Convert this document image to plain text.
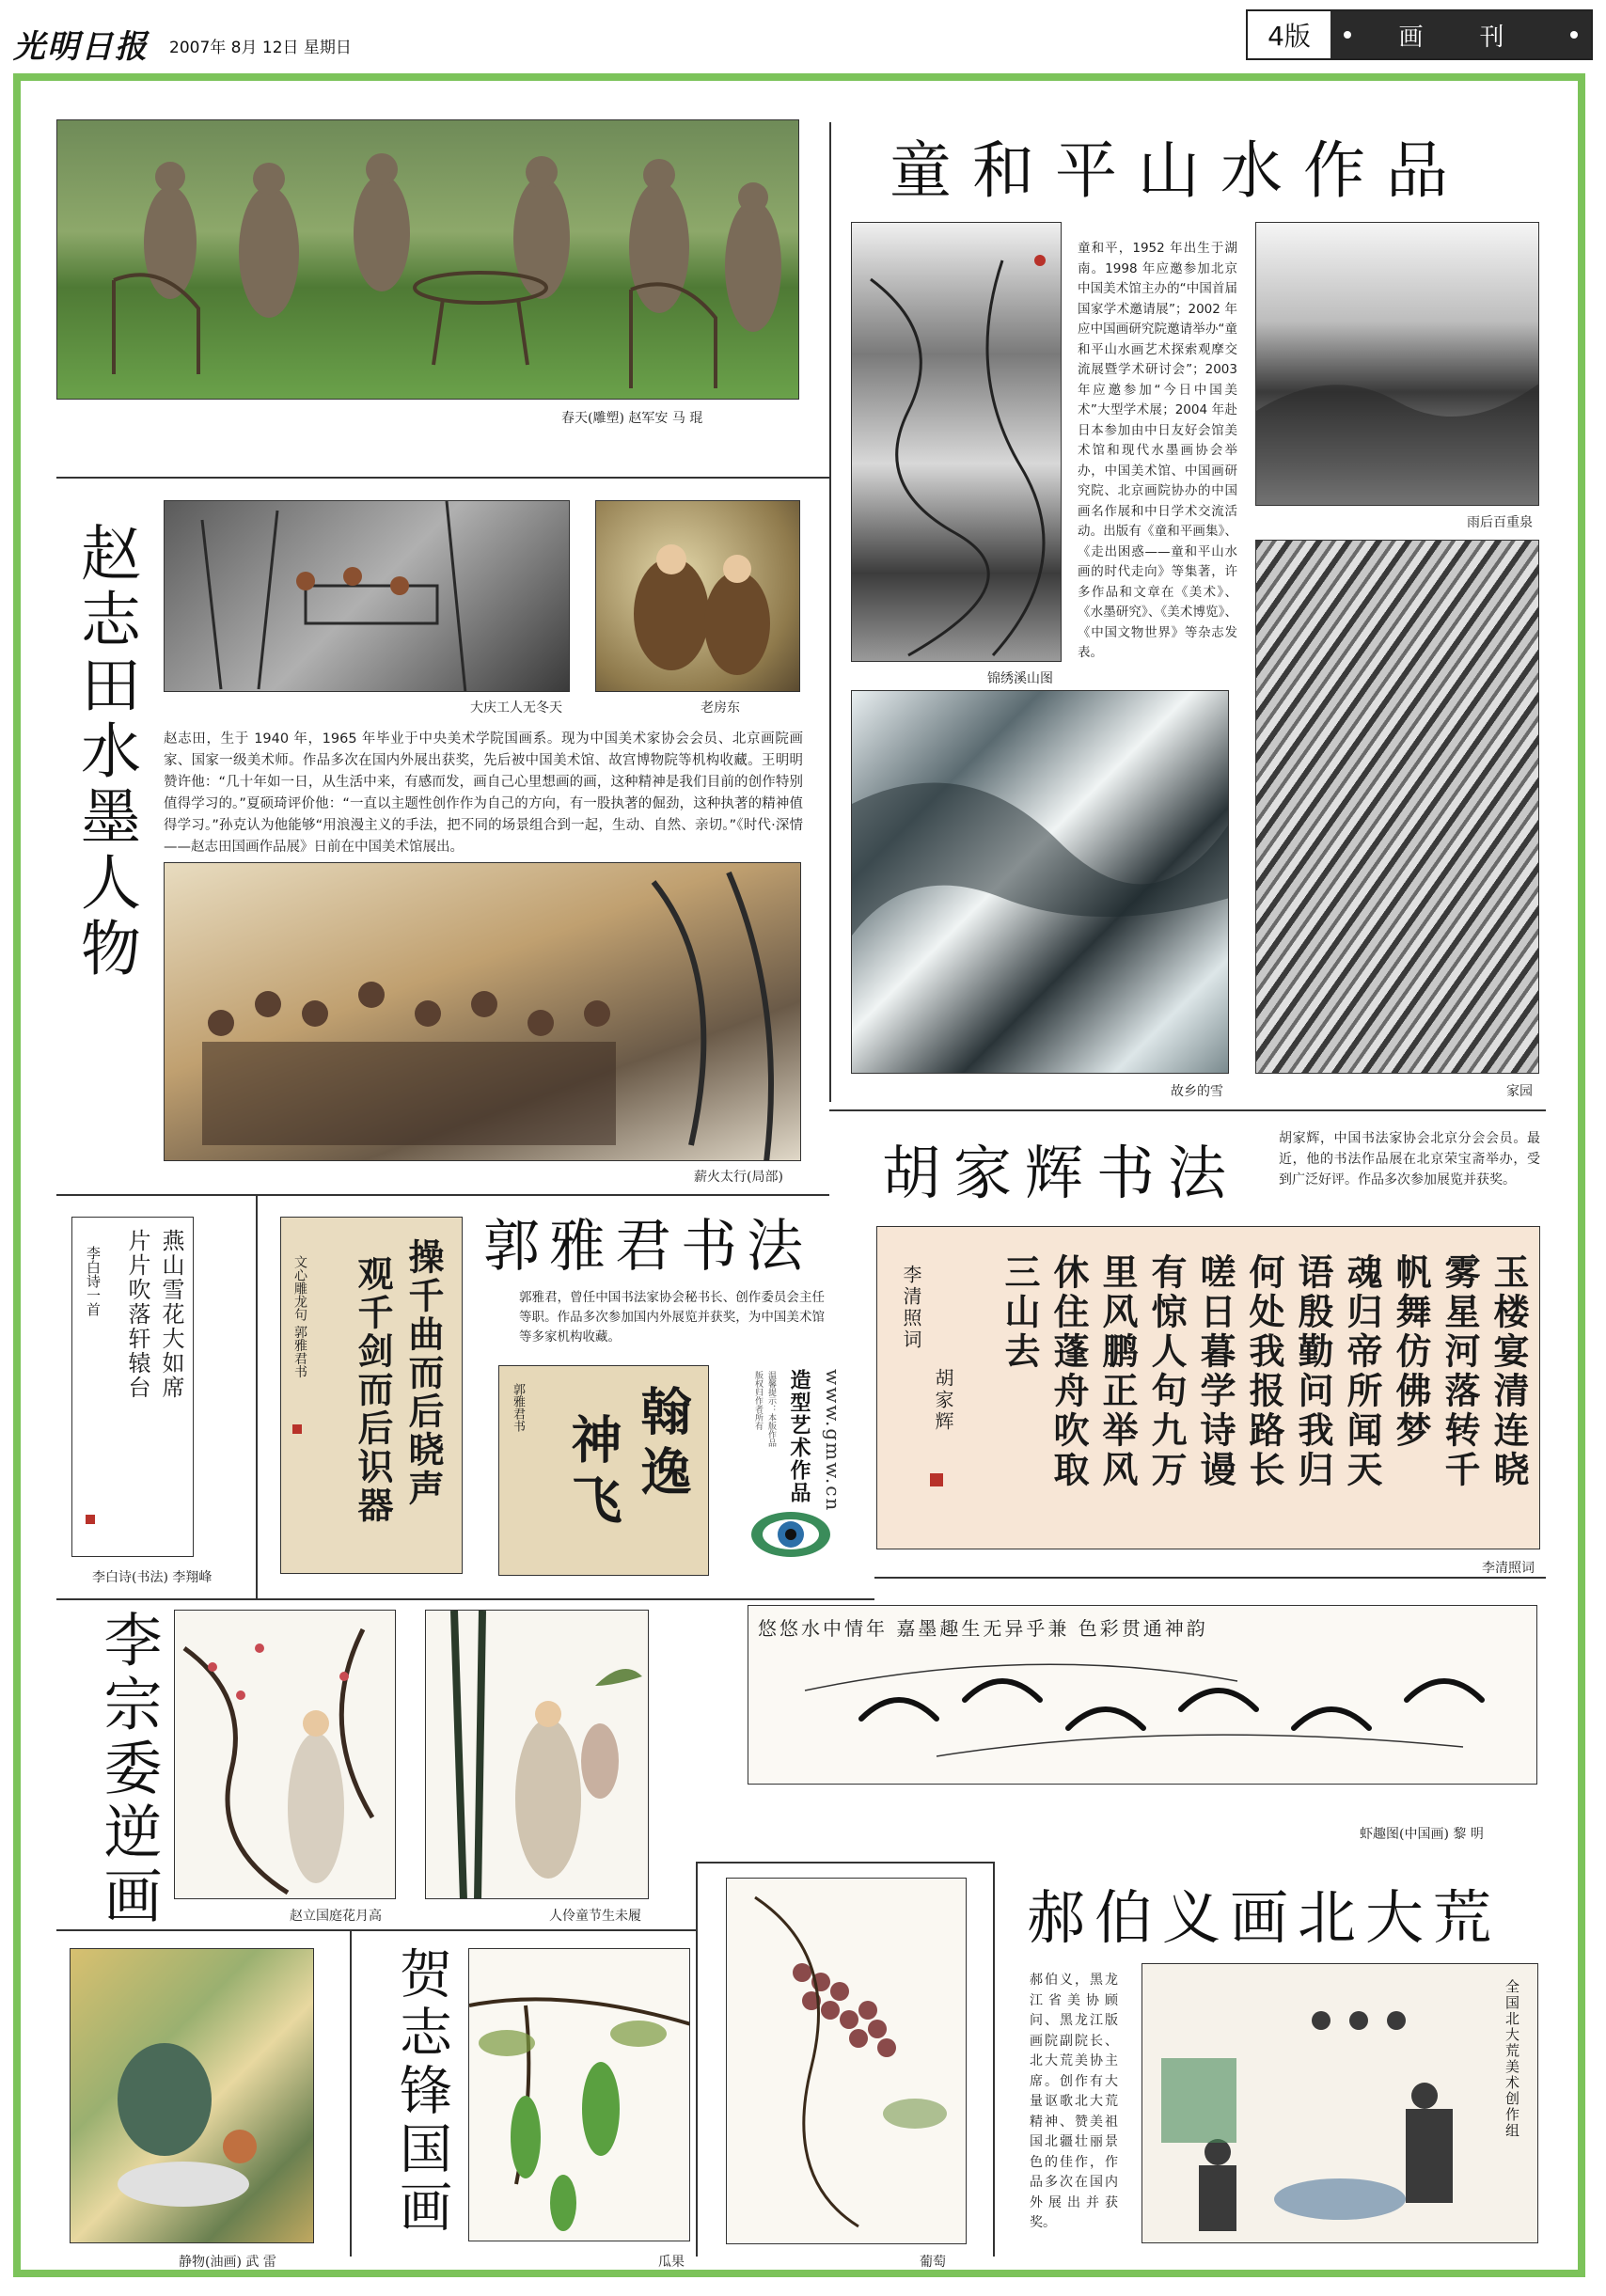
光明日报 2007年 8月 12日 星期日	4版	画刊
春天(雕塑) 赵军安 马 琨
赵志田水墨人物	大庆工人无冬天	老房东
赵志田，生于 1940 年，1965 年毕业于中央美术学院国画系。现为中国美术家协会会员、北京画院画家、国家一级美术师。作品多次在国内外展出获奖，先后被中国美术馆、故宫博物院等机构收藏。王明明赞许他：“几十年如一日，从生活中来，有感而发，画自己心里想画的画，这种精神是我们目前的创作特别值得学习的。”夏硕琦评价他：“一直以主题性创作作为自己的方向，有一股执著的倔劲，这种执著的精神值得学习。”孙克认为他能够“用浪漫主义的手法，把不同的场景组合到一起，生动、自然、亲切。”《时代·深情——赵志田国画作品展》日前在中国美术馆展出。
薪火太行(局部)
童和平山水作品
锦绣溪山图
童和平，1952 年出生于湖南。1998 年应邀参加北京中国美术馆主办的“中国首届国家学术邀请展”；2002 年应中国画研究院邀请举办“童和平山水画艺术探索观摩交流展暨学术研讨会”；2003 年应邀参加“今日中国美术”大型学术展；2004 年赴日本参加由中日友好会馆美术馆和现代水墨画协会举办，中国美术馆、中国画研究院、北京画院协办的中国画名作展和中日学术交流活动。出版有《童和平画集》、《走出困惑——童和平山水画的时代走向》等集著，许多作品和文章在《美术》、《水墨研究》、《美术博览》、《中国文物世界》等杂志发表。
雨后百重泉
故乡的雪	家园
胡家辉书法	胡家辉，中国书法家协会北京分会会员。最近，他的书法作品展在北京荣宝斋举办，受到广泛好评。作品多次参加展览并获奖。
玉楼宴清连晓
雾星河落转千
帆舞仿佛梦
魂归帝所闻天
语殷勤问我归
何处我报路长
嗟日暮学诗谩
有惊人句九万
里风鹏正举风
休住蓬舟吹取
三山去
李清照词
胡家辉
李清照词
燕山雪花大如席
片片吹落轩辕台
李白诗一首
李白诗(书法) 李翔峰
操千曲而后晓声
观千剑而后识器
文心雕龙句 郭雅君书
郭雅君书法
郭雅君，曾任中国书法家协会秘书长、创作委员会主任等职。作品多次参加国内外展览并获奖，为中国美术馆等多家机构收藏。
翰逸
神飞
郭雅君书	www.gmw.cn
造型艺术作品
温馨提示：本版作品
版权归作者所有
李宗委逆画	赵立国庭花月高	人伶童节生未履
悠悠水中情年 嘉墨趣生无异乎兼 色彩贯通神韵
虾趣图(中国画) 黎 明
静物(油画) 武 雷
贺志锋国画
瓜果	葡萄
郝伯义画北大荒
郝伯义，黑龙江省美协顾问、黑龙江版画院副院长、北大荒美协主席。创作有大量讴歌北大荒精神、赞美祖国北疆壮丽景色的佳作，作品多次在国内外展出并获奖。
全国北大荒美术创作组
